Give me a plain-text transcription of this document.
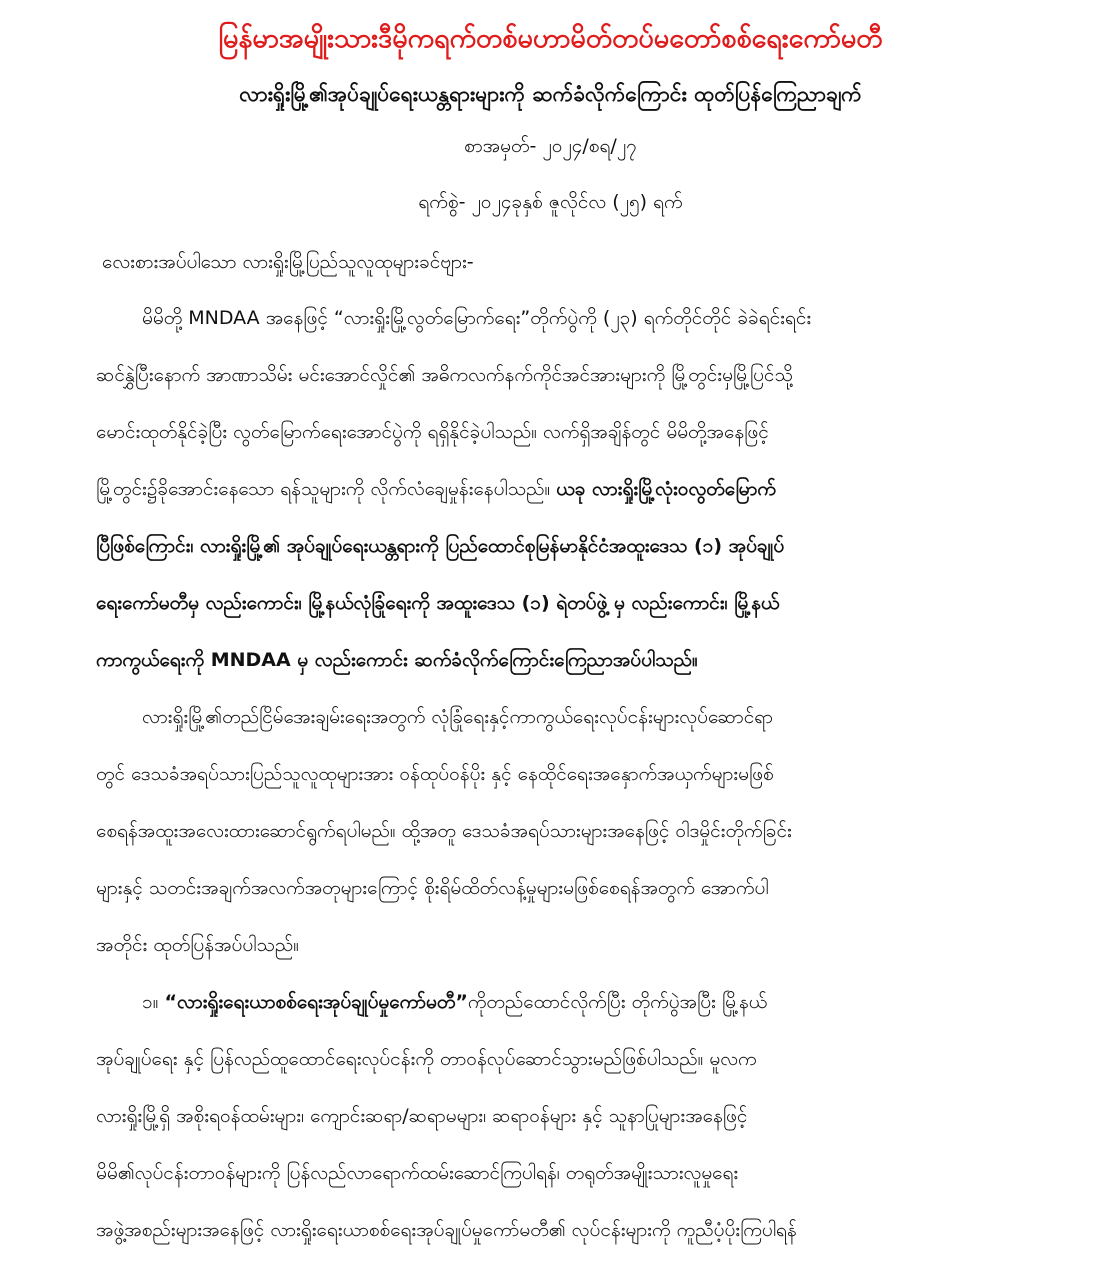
မြန်မာအမျိုးသားဒီမိုကရက်တစ်မဟာမိတ်တပ်မတော်စစ်ရေးကော်မတီ
လားရှိုးမြို့၏အုပ်ချုပ်ရေးယန္တရားများကို ဆက်ခံလိုက်ကြောင်း ထုတ်ပြန်ကြေညာချက်

စာအမှတ်- ၂၀၂၄/စရ/၂၇

ရက်စွဲ- ၂၀၂၄ခုနှစ် ဇူလိုင်လ (၂၅) ရက်

လေးစားအပ်ပါသော လားရှိုးမြို့ပြည်သူလူထုများခင်ဗျား-

မိမိတို့ MNDAA အနေဖြင့် “လားရှိုးမြို့လွတ်မြောက်ရေး”တိုက်ပွဲကို (၂၃) ရက်တိုင်တိုင် ခဲခဲရင်းရင်း
ဆင်နွှဲပြီးနောက် အာဏာသိမ်း မင်းအောင်လှိုင်၏ အဓိကလက်နက်ကိုင်အင်အားများကို မြို့တွင်းမှမြို့ပြင်သို့
မောင်းထုတ်နိုင်ခဲ့ပြီး လွတ်မြောက်ရေးအောင်ပွဲကို ရရှိနိုင်ခဲ့ပါသည်။ လက်ရှိအချိန်တွင် မိမိတို့အနေဖြင့်
မြို့တွင်း၌ခိုအောင်းနေသော ရန်သူများကို လိုက်လံချေမှုန်းနေပါသည်။ ယခု လားရှိုးမြို့လုံးဝလွတ်မြောက်
ပြီဖြစ်ကြောင်း၊ လားရှိုးမြို့၏ အုပ်ချုပ်ရေးယန္တရားကို ပြည်ထောင်စုမြန်မာနိုင်ငံအထူးဒေသ (၁) အုပ်ချုပ်
ရေးကော်မတီမှ လည်းကောင်း၊ မြို့နယ်လုံခြုံရေးကို အထူးဒေသ (၁) ရဲတပ်ဖွဲ့ မှ လည်းကောင်း၊ မြို့နယ်
ကာကွယ်ရေးကို MNDAA မှ လည်းကောင်း ဆက်ခံလိုက်ကြောင်းကြေညာအပ်ပါသည်။
လားရှိုးမြို့၏တည်ငြိမ်အေးချမ်းရေးအတွက် လုံခြုံရေးနှင့်ကာကွယ်ရေးလုပ်ငန်းများလုပ်ဆောင်ရာ
တွင် ဒေသခံအရပ်သားပြည်သူလူထုများအား ဝန်ထုပ်ဝန်ပိုး နှင့် နေထိုင်ရေးအနှောက်အယှက်များမဖြစ်
စေရန်အထူးအလေးထားဆောင်ရွက်ရပါမည်။ ထို့အတူ ဒေသခံအရပ်သားများအနေဖြင့် ဝါဒမှိုင်းတိုက်ခြင်း
များနှင့် သတင်းအချက်အလက်အတုများကြောင့် စိုးရိမ်ထိတ်လန့်မှုများမဖြစ်စေရန်အတွက် အောက်ပါ
အတိုင်း ထုတ်ပြန်အပ်ပါသည်။
၁။ “လားရှိုးရေးယာစစ်ရေးအုပ်ချုပ်မှုကော်မတီ”ကိုတည်ထောင်လိုက်ပြီး တိုက်ပွဲအပြီး မြို့နယ်
အုပ်ချုပ်ရေး နှင့် ပြန်လည်ထူထောင်ရေးလုပ်ငန်းကို တာဝန်လုပ်ဆောင်သွားမည်ဖြစ်ပါသည်။ မူလက
လားရှိုးမြို့ရှိ အစိုးရဝန်ထမ်းများ၊ ကျောင်းဆရာ/ဆရာမများ၊ ဆရာဝန်များ နှင့် သူနာပြုများအနေဖြင့်
မိမိ၏လုပ်ငန်းတာဝန်များကို ပြန်လည်လာရောက်ထမ်းဆောင်ကြပါရန်၊ တရုတ်အမျိုးသားလူမှုရေး
အဖွဲ့အစည်းများအနေဖြင့် လားရှိုးရေးယာစစ်ရေးအုပ်ချုပ်မှုကော်မတီ၏ လုပ်ငန်းများကို ကူညီပံ့ပိုးကြပါရန်
